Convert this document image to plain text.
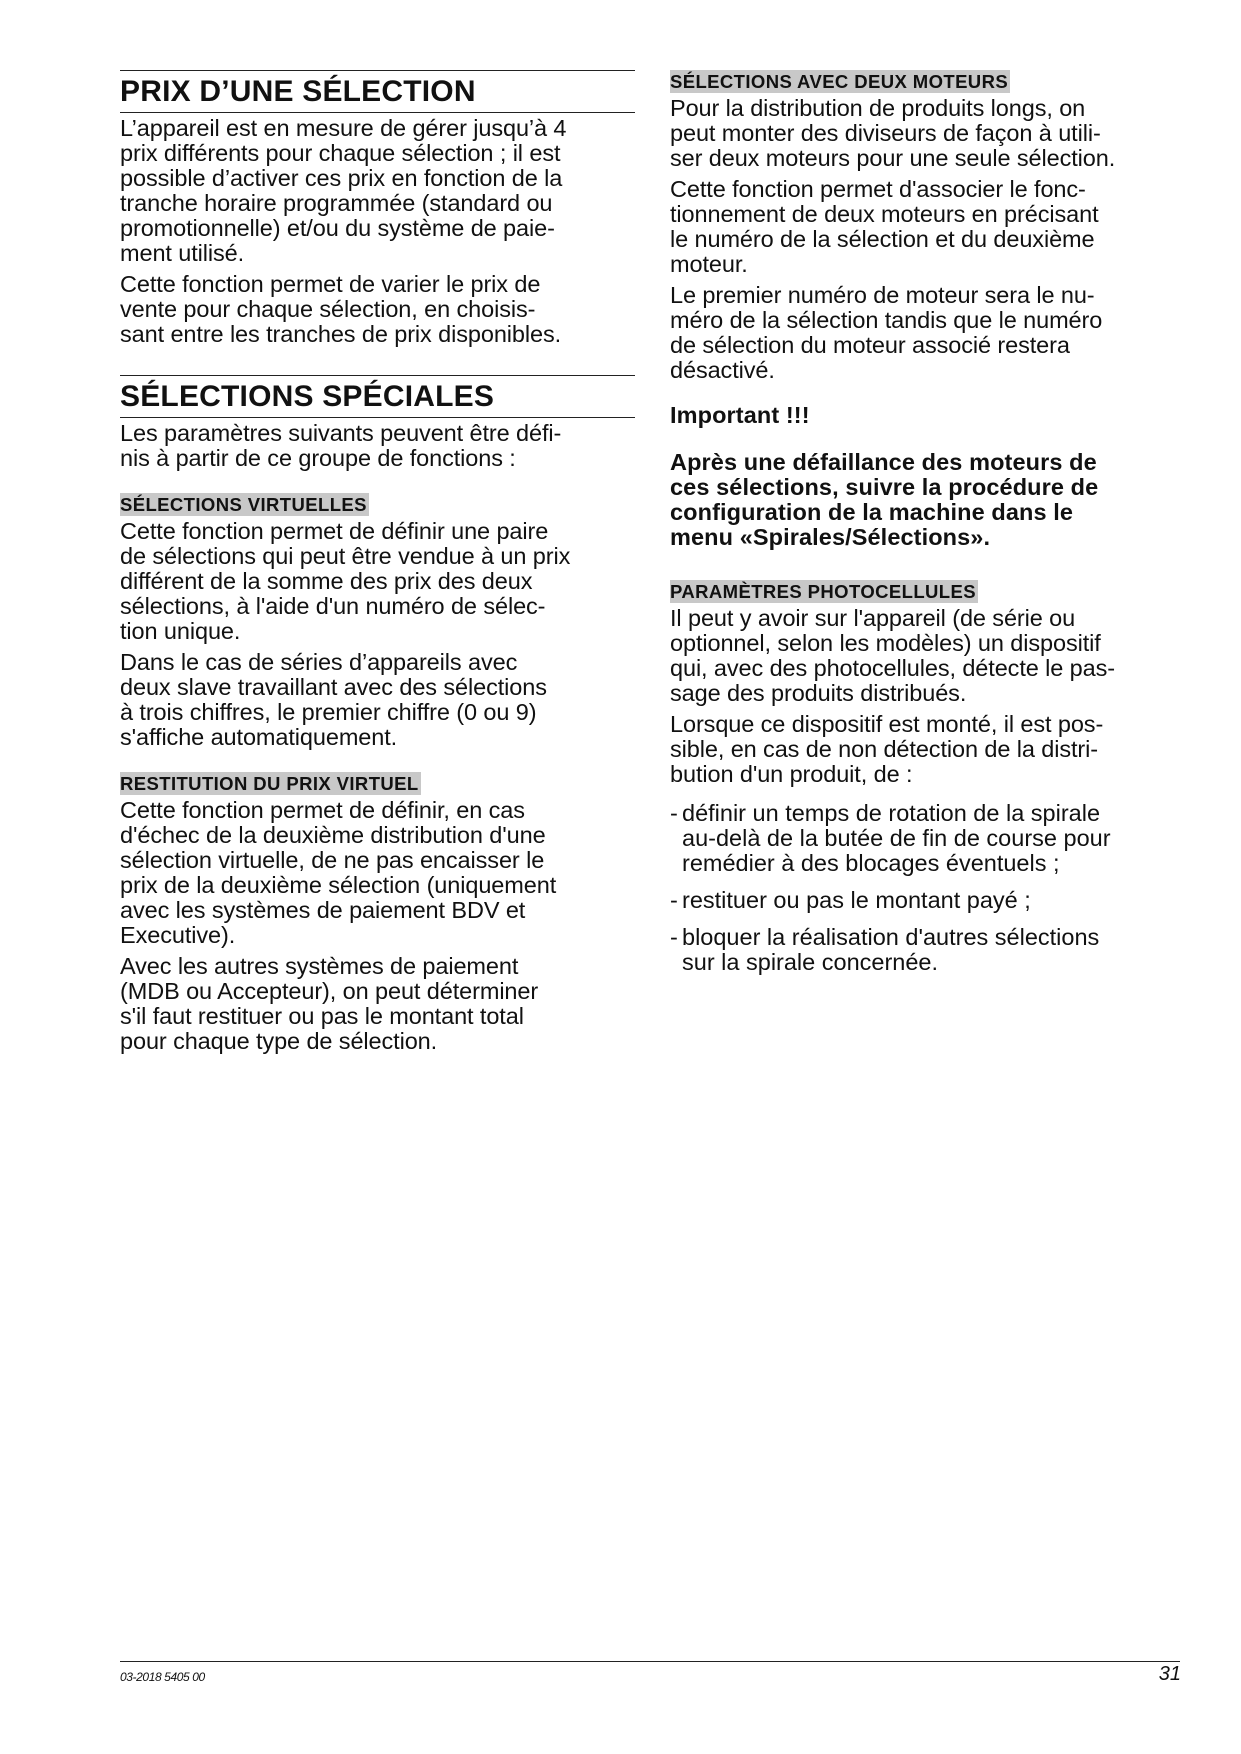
PRIX D’UNE SÉLECTION

L’appareil est en mesure de gérer jusqu’à 4
prix différents pour chaque sélection ; il est
possible d’activer ces prix en fonction de la
tranche horaire programmée (standard ou
promotionnelle) et/ou du système de paie-
ment utilisé.

Cette fonction permet de varier le prix de
vente pour chaque sélection, en choisis-
sant entre les tranches de prix disponibles.

SÉLECTIONS SPÉCIALES

Les paramètres suivants peuvent être défi-
nis à partir de ce groupe de fonctions :

SÉLECTIONS VIRTUELLES

Cette fonction permet de définir une paire
de sélections qui peut être vendue à un prix
différent de la somme des prix des deux
sélections, à l'aide d'un numéro de sélec-
tion unique.

Dans le cas de séries d’appareils avec
deux slave travaillant avec des sélections
à trois chiffres, le premier chiffre (0 ou 9)
s'affiche automatiquement.

RESTITUTION DU PRIX VIRTUEL

Cette fonction permet de définir, en cas
d'échec de la deuxième distribution d'une
sélection virtuelle, de ne pas encaisser le
prix de la deuxième sélection (uniquement
avec les systèmes de paiement BDV et
Executive).

Avec les autres systèmes de paiement
(MDB ou Accepteur), on peut déterminer
s'il faut restituer ou pas le montant total
pour chaque type de sélection.

SÉLECTIONS AVEC DEUX MOTEURS

Pour la distribution de produits longs, on
peut monter des diviseurs de façon à utili-
ser deux moteurs pour une seule sélection.

Cette fonction permet d'associer le fonc-
tionnement de deux moteurs en précisant
le numéro de la sélection et du deuxième
moteur.

Le premier numéro de moteur sera le nu-
méro de la sélection tandis que le numéro
de sélection du moteur associé restera
désactivé.

Important !!!

Après une défaillance des moteurs de
ces sélections, suivre la procédure de
configuration de la machine dans le
menu «Spirales/Sélections».

PARAMÈTRES PHOTOCELLULES

Il peut y avoir sur l'appareil (de série ou
optionnel, selon les modèles) un dispositif
qui, avec des photocellules, détecte le pas-
sage des produits distribués.

Lorsque ce dispositif est monté, il est pos-
sible, en cas de non détection de la distri-
bution d'un produit, de :

- définir un temps de rotation de la spirale
au-delà de la butée de fin de course pour
remédier à des blocages éventuels ;
- restituer ou pas le montant payé ;
- bloquer la réalisation d'autres sélections
sur la spirale concernée.
03-2018 5405 00	31
